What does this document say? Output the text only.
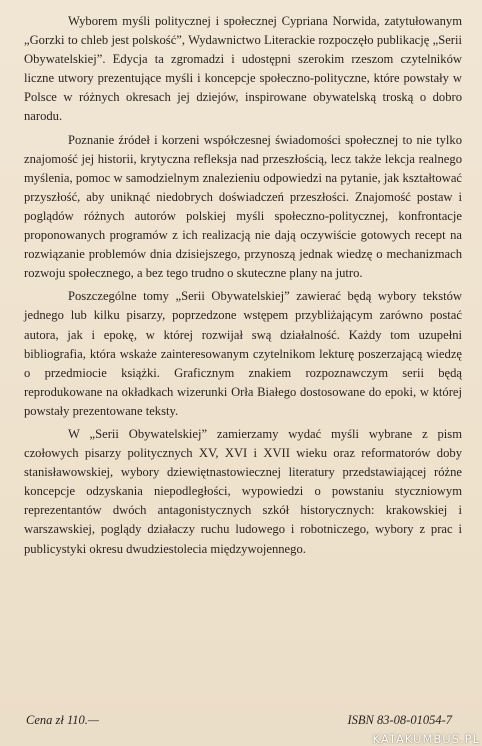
Wyborem myśli politycznej i społecznej Cypriana Norwida, zatytułowanym „Gorzki to chleb jest polskość”, Wydawnictwo Literackie rozpoczęło publikację „Serii Obywatelskiej”. Edycja ta zgromadzi i udostępni szerokim rzeszom czytelników liczne utwory prezentujące myśli i koncepcje społeczno-polityczne, które powstały w Polsce w różnych okresach jej dziejów, inspirowane obywatelską troską o dobro narodu.

Poznanie źródeł i korzeni współczesnej świadomości społecznej to nie tylko znajomość jej historii, krytyczna refleksja nad przeszłością, lecz także lekcja realnego myślenia, pomoc w samodzielnym znalezieniu odpowiedzi na pytanie, jak kształtować przyszłość, aby uniknąć niedobrych doświadczeń przeszłości. Znajomość postaw i poglądów różnych autorów polskiej myśli społeczno-politycznej, konfrontacje proponowanych programów z ich realizacją nie dają oczywiście gotowych recept na rozwiązanie problemów dnia dzisiejszego, przynoszą jednak wiedzę o mechanizmach rozwoju społecznego, a bez tego trudno o skuteczne plany na jutro.

Poszczególne tomy „Serii Obywatelskiej” zawierać będą wybory tekstów jednego lub kilku pisarzy, poprzedzone wstępem przybliżającym zarówno postać autora, jak i epokę, w której rozwijał swą działalność. Każdy tom uzupełni bibliografia, która wskaże zainteresowanym czytelnikom lekturę poszerzającą wiedzę o przedmiocie książki. Graficznym znakiem rozpoznawczym serii będą reprodukowane na okładkach wizerunki Orła Białego dostosowane do epoki, w której powstały prezentowane teksty.

W „Serii Obywatelskiej” zamierzamy wydać myśli wybrane z pism czołowych pisarzy politycznych XV, XVI i XVII wieku oraz reformatorów doby stanisławowskiej, wybory dziewiętnastowiecznej literatury przedstawiającej różne koncepcje odzyskania niepodległości, wypowiedzi o powstaniu styczniowym reprezentantów dwóch antagonistycznych szkół historycznych: krakowskiej i warszawskiej, poglądy działaczy ruchu ludowego i robotniczego, wybory z prac i publicystyki okresu dwudziestolecia międzywojennego.

Cena zł 110.—	ISBN 83-08-01054-7
KATAKUMBUS.PL
